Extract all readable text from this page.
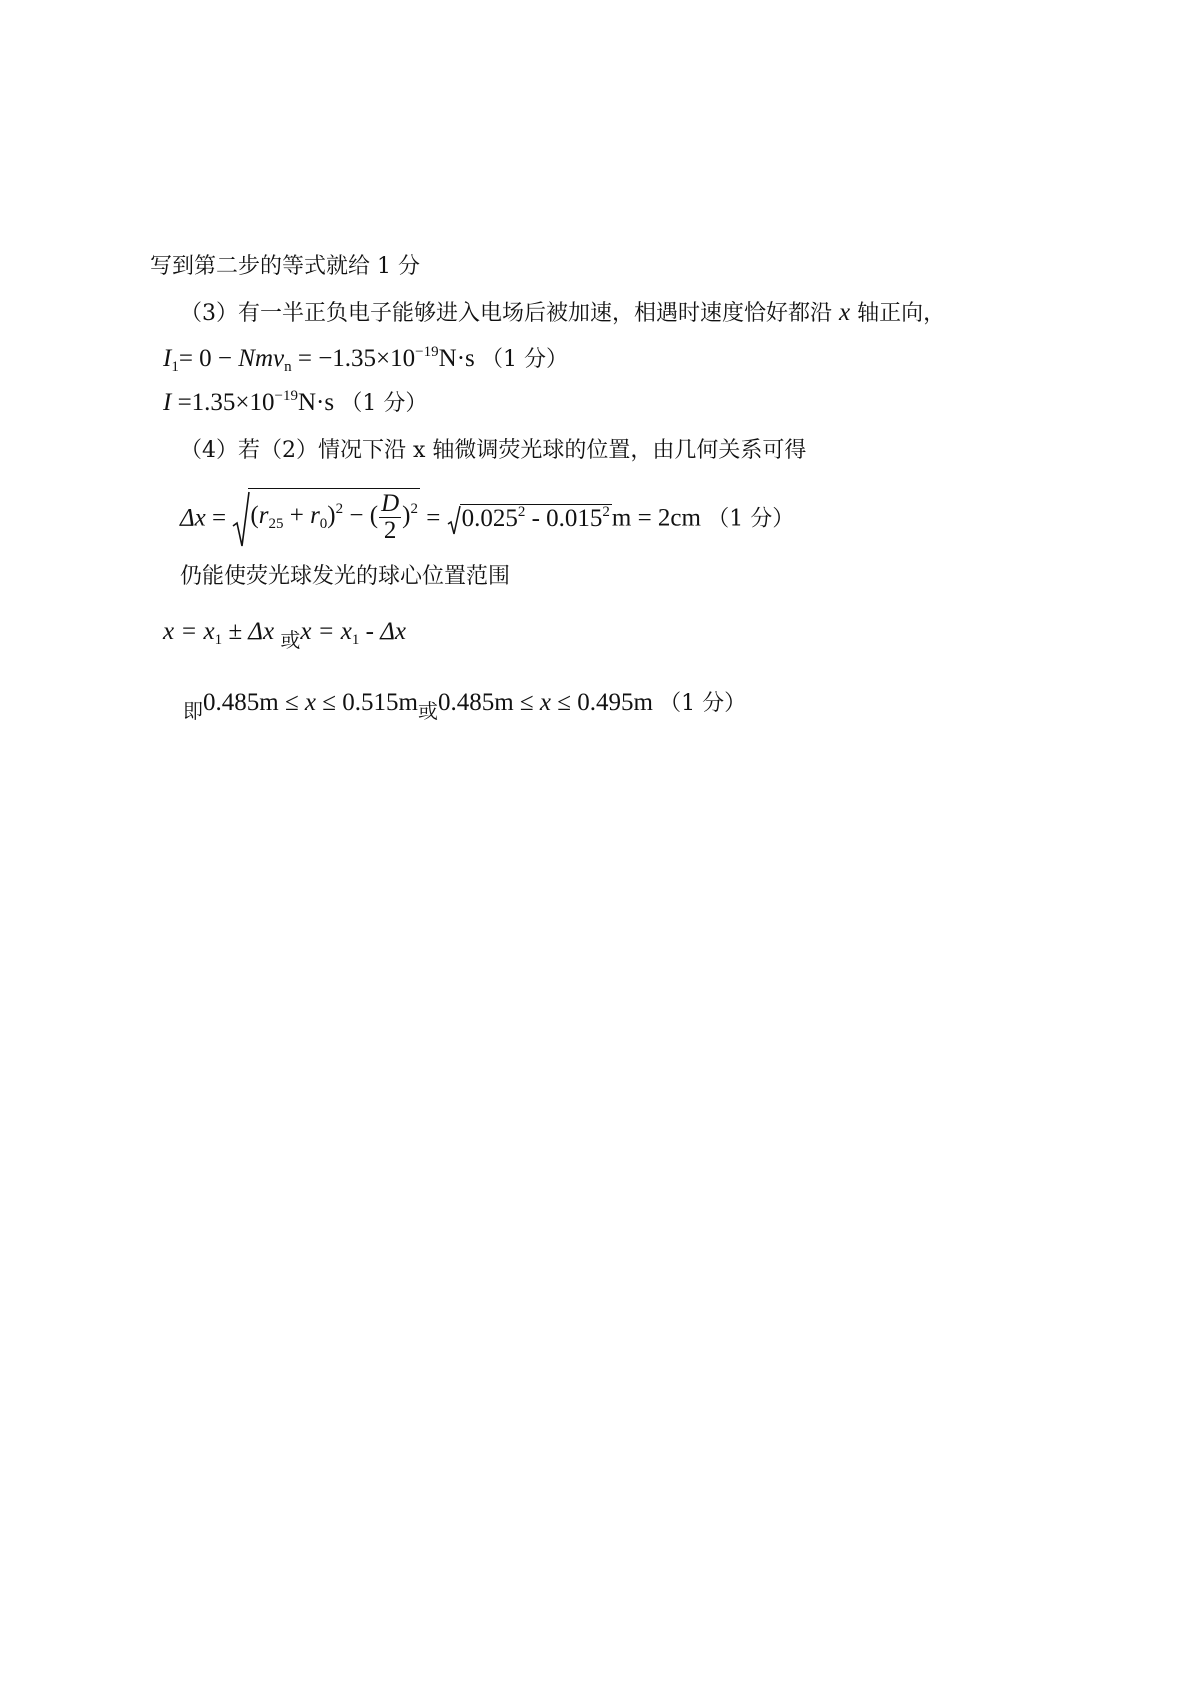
写到第二步的等式就给 1 分
（3）有一半正负电子能够进入电场后被加速，相遇时速度恰好都沿 x 轴正向，
$I_1= 0 - Nmv_n = -1.35\times 10^{-19}N\cdot s$ （1 分）
$I =1.35\times 10^{-19}N\cdot s$ （1 分）
（4）若（2）情况下沿 x 轴微调荧光球的位置，由几何关系可得
$\Delta x = (r_{25} + r_0)^2$ − ( $\frac{D}{2} )^2 = 0.025^2 - 0.015^2m = 2cm$ （1 分）
仍能使荧光球发光的球心位置范围
$x = x_1 \pm \Delta x$ $_或x = x_1 - \Delta x$
$_即0.485m \le x \le 0.515m_或0.485m \le x \le 0.495m$ （1 分）
